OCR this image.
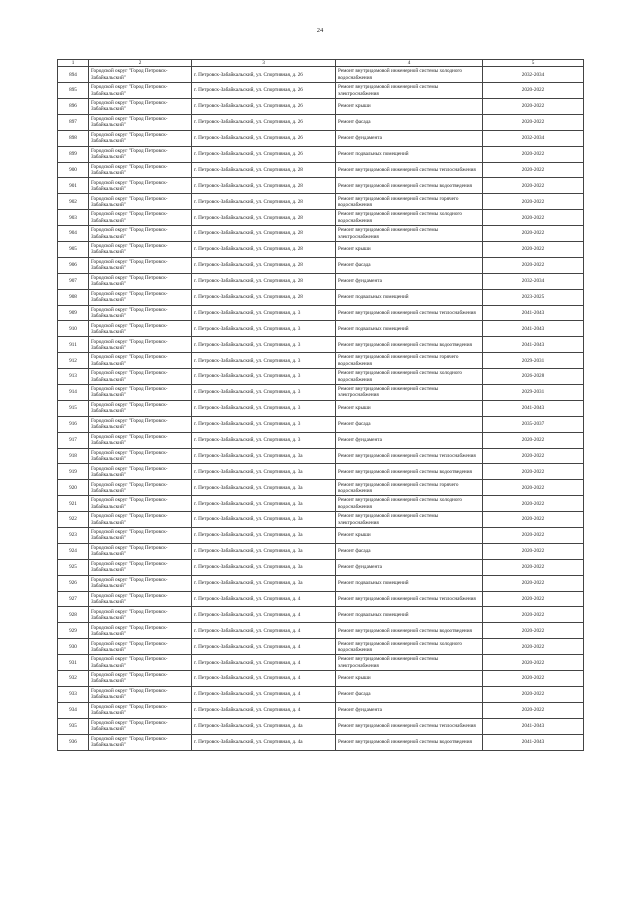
24
1	2	3	4	5
894	Городской округ "Город Петровск-Забайкальский"	г. Петровск-Забайкальский, ул. Спортивная, д. 26	Ремонт внутридомовой инженерной системы холодного водоснабжения	2032-2034
895	Городской округ "Город Петровск-Забайкальский"	г. Петровск-Забайкальский, ул. Спортивная, д. 26	Ремонт внутридомовой инженерной системы электроснабжения	2020-2022
896	Городской округ "Город Петровск-Забайкальский"	г. Петровск-Забайкальский, ул. Спортивная, д. 26	Ремонт крыши	2020-2022
897	Городской округ "Город Петровск-Забайкальский"	г. Петровск-Забайкальский, ул. Спортивная, д. 26	Ремонт фасада	2020-2022
898	Городской округ "Город Петровск-Забайкальский"	г. Петровск-Забайкальский, ул. Спортивная, д. 26	Ремонт фундамента	2032-2034
899	Городской округ "Город Петровск-Забайкальский"	г. Петровск-Забайкальский, ул. Спортивная, д. 26	Ремонт подвальных помещений	2020-2022
900	Городской округ "Город Петровск-Забайкальский"	г. Петровск-Забайкальский, ул. Спортивная, д. 28	Ремонт внутридомовой инженерной системы теплоснабжения	2020-2022
901	Городской округ "Город Петровск-Забайкальский"	г. Петровск-Забайкальский, ул. Спортивная, д. 28	Ремонт внутридомовой инженерной системы водоотведения	2020-2022
902	Городской округ "Город Петровск-Забайкальский"	г. Петровск-Забайкальский, ул. Спортивная, д. 28	Ремонт внутридомовой инженерной системы горячего водоснабжения	2020-2022
903	Городской округ "Город Петровск-Забайкальский"	г. Петровск-Забайкальский, ул. Спортивная, д. 28	Ремонт внутридомовой инженерной системы холодного водоснабжения	2020-2022
904	Городской округ "Город Петровск-Забайкальский"	г. Петровск-Забайкальский, ул. Спортивная, д. 28	Ремонт внутридомовой инженерной системы электроснабжения	2020-2022
905	Городской округ "Город Петровск-Забайкальский"	г. Петровск-Забайкальский, ул. Спортивная, д. 28	Ремонт крыши	2020-2022
906	Городской округ "Город Петровск-Забайкальский"	г. Петровск-Забайкальский, ул. Спортивная, д. 28	Ремонт фасада	2020-2022
907	Городской округ "Город Петровск-Забайкальский"	г. Петровск-Забайкальский, ул. Спортивная, д. 28	Ремонт фундамента	2032-2034
908	Городской округ "Город Петровск-Забайкальский"	г. Петровск-Забайкальский, ул. Спортивная, д. 28	Ремонт подвальных помещений	2023-2025
909	Городской округ "Город Петровск-Забайкальский"	г. Петровск-Забайкальский, ул. Спортивная, д. 3	Ремонт внутридомовой инженерной системы теплоснабжения	2041-2043
910	Городской округ "Город Петровск-Забайкальский"	г. Петровск-Забайкальский, ул. Спортивная, д. 3	Ремонт подвальных помещений	2041-2043
911	Городской округ "Город Петровск-Забайкальский"	г. Петровск-Забайкальский, ул. Спортивная, д. 3	Ремонт внутридомовой инженерной системы водоотведения	2041-2043
912	Городской округ "Город Петровск-Забайкальский"	г. Петровск-Забайкальский, ул. Спортивная, д. 3	Ремонт внутридомовой инженерной системы горячего водоснабжения	2029-2031
913	Городской округ "Город Петровск-Забайкальский"	г. Петровск-Забайкальский, ул. Спортивная, д. 3	Ремонт внутридомовой инженерной системы холодного водоснабжения	2026-2028
914	Городской округ "Город Петровск-Забайкальский"	г. Петровск-Забайкальский, ул. Спортивная, д. 3	Ремонт внутридомовой инженерной системы электроснабжения	2029-2031
915	Городской округ "Город Петровск-Забайкальский"	г. Петровск-Забайкальский, ул. Спортивная, д. 3	Ремонт крыши	2041-2043
916	Городской округ "Город Петровск-Забайкальский"	г. Петровск-Забайкальский, ул. Спортивная, д. 3	Ремонт фасада	2035-2037
917	Городской округ "Город Петровск-Забайкальский"	г. Петровск-Забайкальский, ул. Спортивная, д. 3	Ремонт фундамента	2020-2022
918	Городской округ "Город Петровск-Забайкальский"	г. Петровск-Забайкальский, ул. Спортивная, д. 3а	Ремонт внутридомовой инженерной системы теплоснабжения	2020-2022
919	Городской округ "Город Петровск-Забайкальский"	г. Петровск-Забайкальский, ул. Спортивная, д. 3а	Ремонт внутридомовой инженерной системы водоотведения	2020-2022
920	Городской округ "Город Петровск-Забайкальский"	г. Петровск-Забайкальский, ул. Спортивная, д. 3а	Ремонт внутридомовой инженерной системы горячего водоснабжения	2020-2022
921	Городской округ "Город Петровск-Забайкальский"	г. Петровск-Забайкальский, ул. Спортивная, д. 3а	Ремонт внутридомовой инженерной системы холодного водоснабжения	2020-2022
922	Городской округ "Город Петровск-Забайкальский"	г. Петровск-Забайкальский, ул. Спортивная, д. 3а	Ремонт внутридомовой инженерной системы электроснабжения	2020-2022
923	Городской округ "Город Петровск-Забайкальский"	г. Петровск-Забайкальский, ул. Спортивная, д. 3а	Ремонт крыши	2020-2022
924	Городской округ "Город Петровск-Забайкальский"	г. Петровск-Забайкальский, ул. Спортивная, д. 3а	Ремонт фасада	2020-2022
925	Городской округ "Город Петровск-Забайкальский"	г. Петровск-Забайкальский, ул. Спортивная, д. 3а	Ремонт фундамента	2020-2022
926	Городской округ "Город Петровск-Забайкальский"	г. Петровск-Забайкальский, ул. Спортивная, д. 3а	Ремонт подвальных помещений	2020-2022
927	Городской округ "Город Петровск-Забайкальский"	г. Петровск-Забайкальский, ул. Спортивная, д. 4	Ремонт внутридомовой инженерной системы теплоснабжения	2020-2022
928	Городской округ "Город Петровск-Забайкальский"	г. Петровск-Забайкальский, ул. Спортивная, д. 4	Ремонт подвальных помещений	2020-2022
929	Городской округ "Город Петровск-Забайкальский"	г. Петровск-Забайкальский, ул. Спортивная, д. 4	Ремонт внутридомовой инженерной системы водоотведения	2020-2022
930	Городской округ "Город Петровск-Забайкальский"	г. Петровск-Забайкальский, ул. Спортивная, д. 4	Ремонт внутридомовой инженерной системы холодного водоснабжения	2020-2022
931	Городской округ "Город Петровск-Забайкальский"	г. Петровск-Забайкальский, ул. Спортивная, д. 4	Ремонт внутридомовой инженерной системы электроснабжения	2020-2022
932	Городской округ "Город Петровск-Забайкальский"	г. Петровск-Забайкальский, ул. Спортивная, д. 4	Ремонт крыши	2020-2022
933	Городской округ "Город Петровск-Забайкальский"	г. Петровск-Забайкальский, ул. Спортивная, д. 4	Ремонт фасада	2020-2022
934	Городской округ "Город Петровск-Забайкальский"	г. Петровск-Забайкальский, ул. Спортивная, д. 4	Ремонт фундамента	2020-2022
935	Городской округ "Город Петровск-Забайкальский"	г. Петровск-Забайкальский, ул. Спортивная, д. 4а	Ремонт внутридомовой инженерной системы теплоснабжения	2041-2043
936	Городской округ "Город Петровск-Забайкальский"	г. Петровск-Забайкальский, ул. Спортивная, д. 4а	Ремонт внутридомовой инженерной системы водоотведения	2041-2043
